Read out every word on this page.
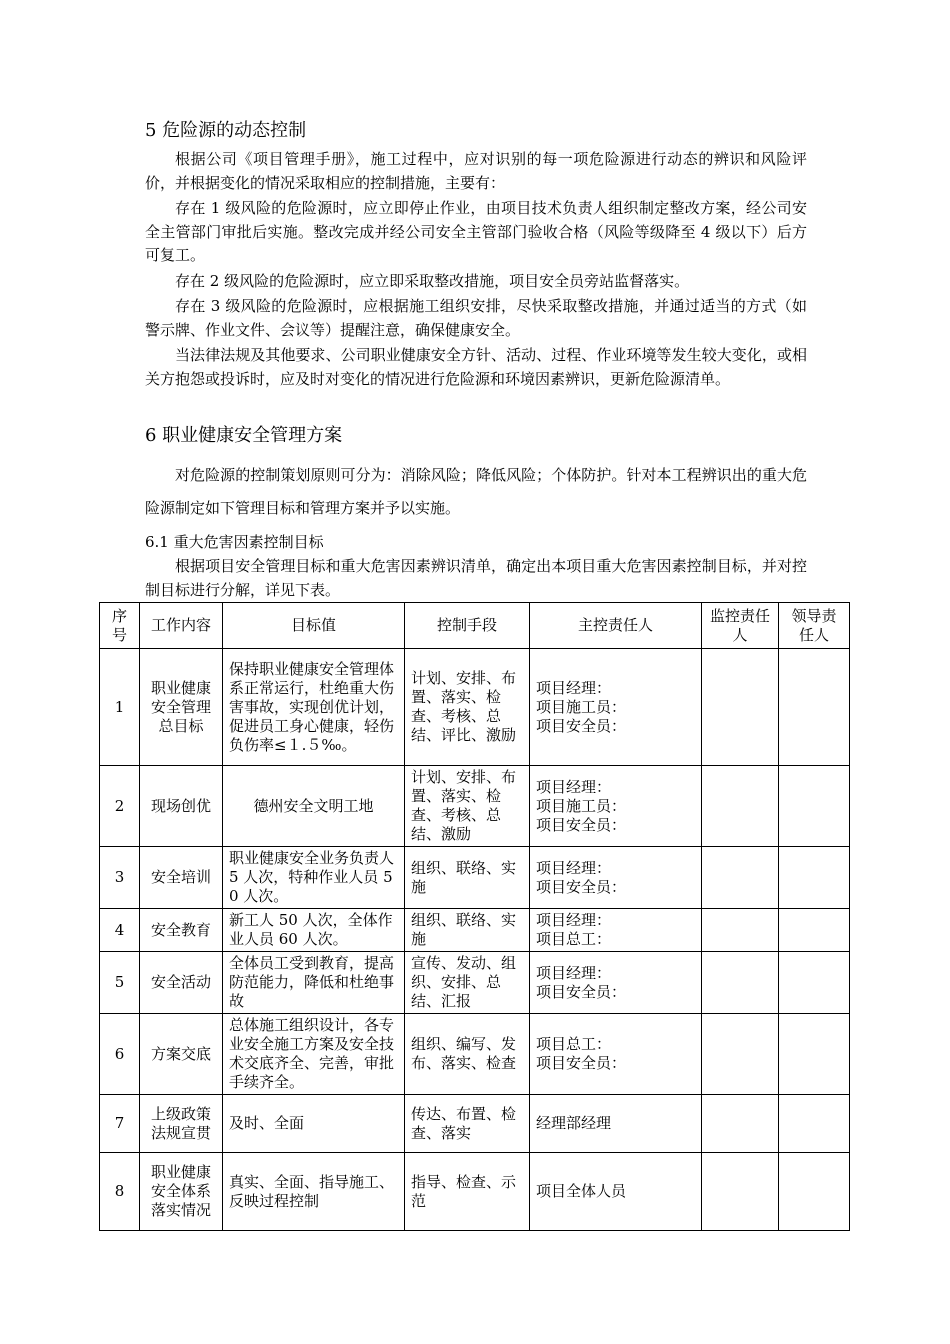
5 危险源的动态控制

根据公司《项目管理手册》，施工过程中，应对识别的每一项危险源进行动态的辨识和风险评价，并根据变化的情况采取相应的控制措施，主要有：

存在 1 级风险的危险源时，应立即停止作业，由项目技术负责人组织制定整改方案，经公司安全主管部门审批后实施。整改完成并经公司安全主管部门验收合格（风险等级降至 4 级以下）后方可复工。

存在 2 级风险的危险源时，应立即采取整改措施，项目安全员旁站监督落实。

存在 3 级风险的危险源时，应根据施工组织安排，尽快采取整改措施，并通过适当的方式（如警示牌、作业文件、会议等）提醒注意，确保健康安全。

当法律法规及其他要求、公司职业健康安全方针、活动、过程、作业环境等发生较大变化，或相关方抱怨或投诉时，应及时对变化的情况进行危险源和环境因素辨识，更新危险源清单。

6 职业健康安全管理方案

对危险源的控制策划原则可分为：消除风险；降低风险；个体防护。针对本工程辨识出的重大危险源制定如下管理目标和管理方案并予以实施。

6.1 重大危害因素控制目标

根据项目安全管理目标和重大危害因素辨识清单，确定出本项目重大危害因素控制目标，并对控制目标进行分解，详见下表。

序号	工作内容	目标值	控制手段	主控责任人	监控责任人	领导责任人
1	职业健康安全管理总目标	保持职业健康安全管理体系正常运行，杜绝重大伤害事故，实现创优计划，促进员工身心健康，轻伤负伤率≤１.５‰。	计划、安排、布置、落实、检查、考核、总结、评比、激励	项目经理：
项目施工员：
项目安全员：		
2	现场创优	德州安全文明工地	计划、安排、布置、落实、检查、考核、总结、激励	项目经理：
项目施工员：
项目安全员：		
3	安全培训	职业健康安全业务负责人 5 人次，特种作业人员 50 人次。	组织、联络、实施	项目经理：
项目安全员：		
4	安全教育	新工人 50 人次，全体作业人员 60 人次。	组织、联络、实施	项目经理：
项目总工：		
5	安全活动	全体员工受到教育，提高防范能力，降低和杜绝事故	宣传、发动、组织、安排、总结、汇报	项目经理：
项目安全员：		
6	方案交底	总体施工组织设计，各专业安全施工方案及安全技术交底齐全、完善，审批手续齐全。	组织、编写、发布、落实、检查	项目总工：
项目安全员：		
7	上级政策法规宣贯	及时、全面	传达、布置、检查、落实	经理部经理		
8	职业健康安全体系落实情况	真实、全面、指导施工、反映过程控制	指导、检查、示范	项目全体人员		
